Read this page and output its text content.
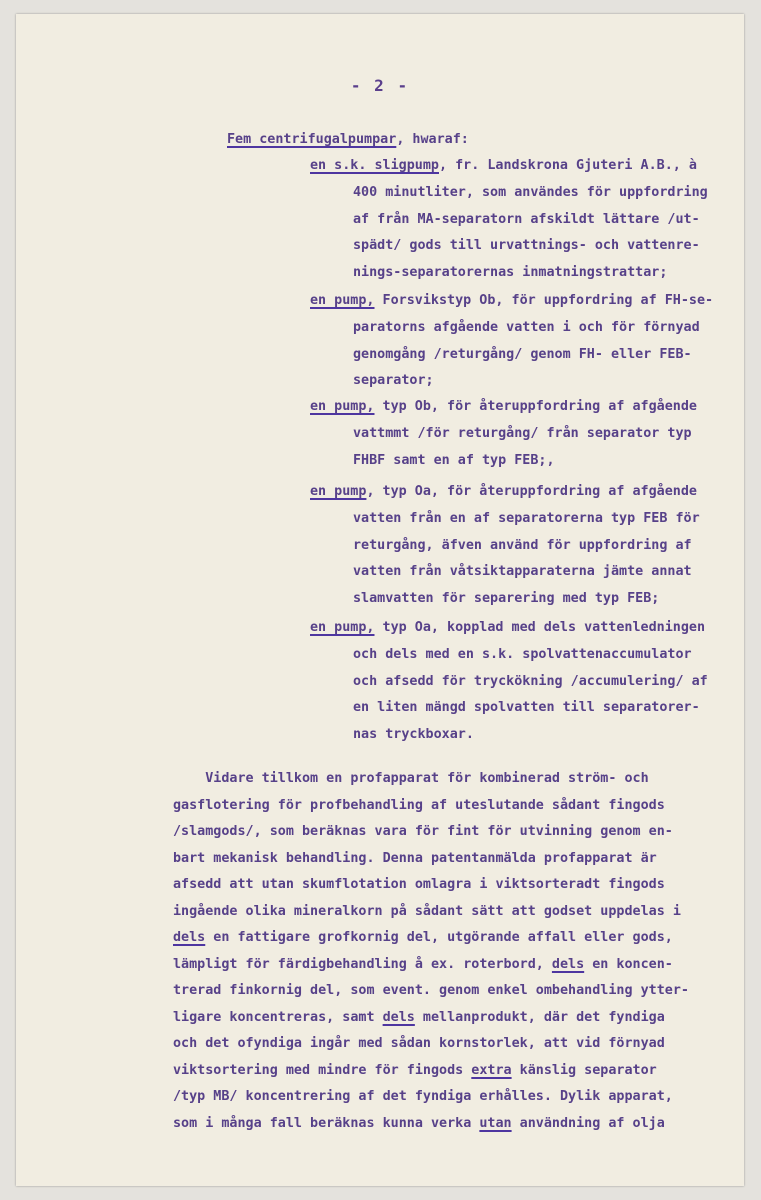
- 2 -
Fem centrifugalpumpar, hwaraf:
en s.k. sligpump, fr. Landskrona Gjuteri A.B., à
400 minutliter, som användes för uppfordring
af från MA-separatorn afskildt lättare /ut-
spädt/ gods till urvattnings- och vattenre-
nings-separatorernas inmatningstrattar;
en pump, Forsvikstyp Ob, för uppfordring af FH-se-
paratorns afgående vatten i och för förnyad
genomgång /returgång/ genom FH- eller FEB-
separator;
en pump, typ Ob, för återuppfordring af afgående
vattmmt /för returgång/ från separator typ
FHBF samt en af typ FEB;,
en pump, typ Oa, för återuppfordring af afgående
vatten från en af separatorerna typ FEB för
returgång, äfven använd för uppfordring af
vatten från våtsiktapparaterna jämte annat
slamvatten för separering med typ FEB;
en pump, typ Oa, kopplad med dels vattenledningen
och dels med en s.k. spolvattenaccumulator
och afsedd för tryckökning /accumulering/ af
en liten mängd spolvatten till separatorer-
nas tryckboxar.
Vidare tillkom en profapparat för kombinerad ström- och
gasflotering för profbehandling af uteslutande sådant fingods
/slamgods/, som beräknas vara för fint för utvinning genom en-
bart mekanisk behandling. Denna patentanmälda profapparat är
afsedd att utan skumflotation omlagra i viktsorteradt fingods
ingående olika mineralkorn på sådant sätt att godset uppdelas i
dels en fattigare grofkornig del, utgörande affall eller gods,
lämpligt för färdigbehandling å ex. roterbord, dels en koncen-
trerad finkornig del, som event. genom enkel ombehandling ytter-
ligare koncentreras, samt dels mellanprodukt, där det fyndiga
och det ofyndiga ingår med sådan kornstorlek, att vid förnyad
viktsortering med mindre för fingods extra känslig separator
/typ MB/ koncentrering af det fyndiga erhålles. Dylik apparat,
som i många fall beräknas kunna verka utan användning af olja
